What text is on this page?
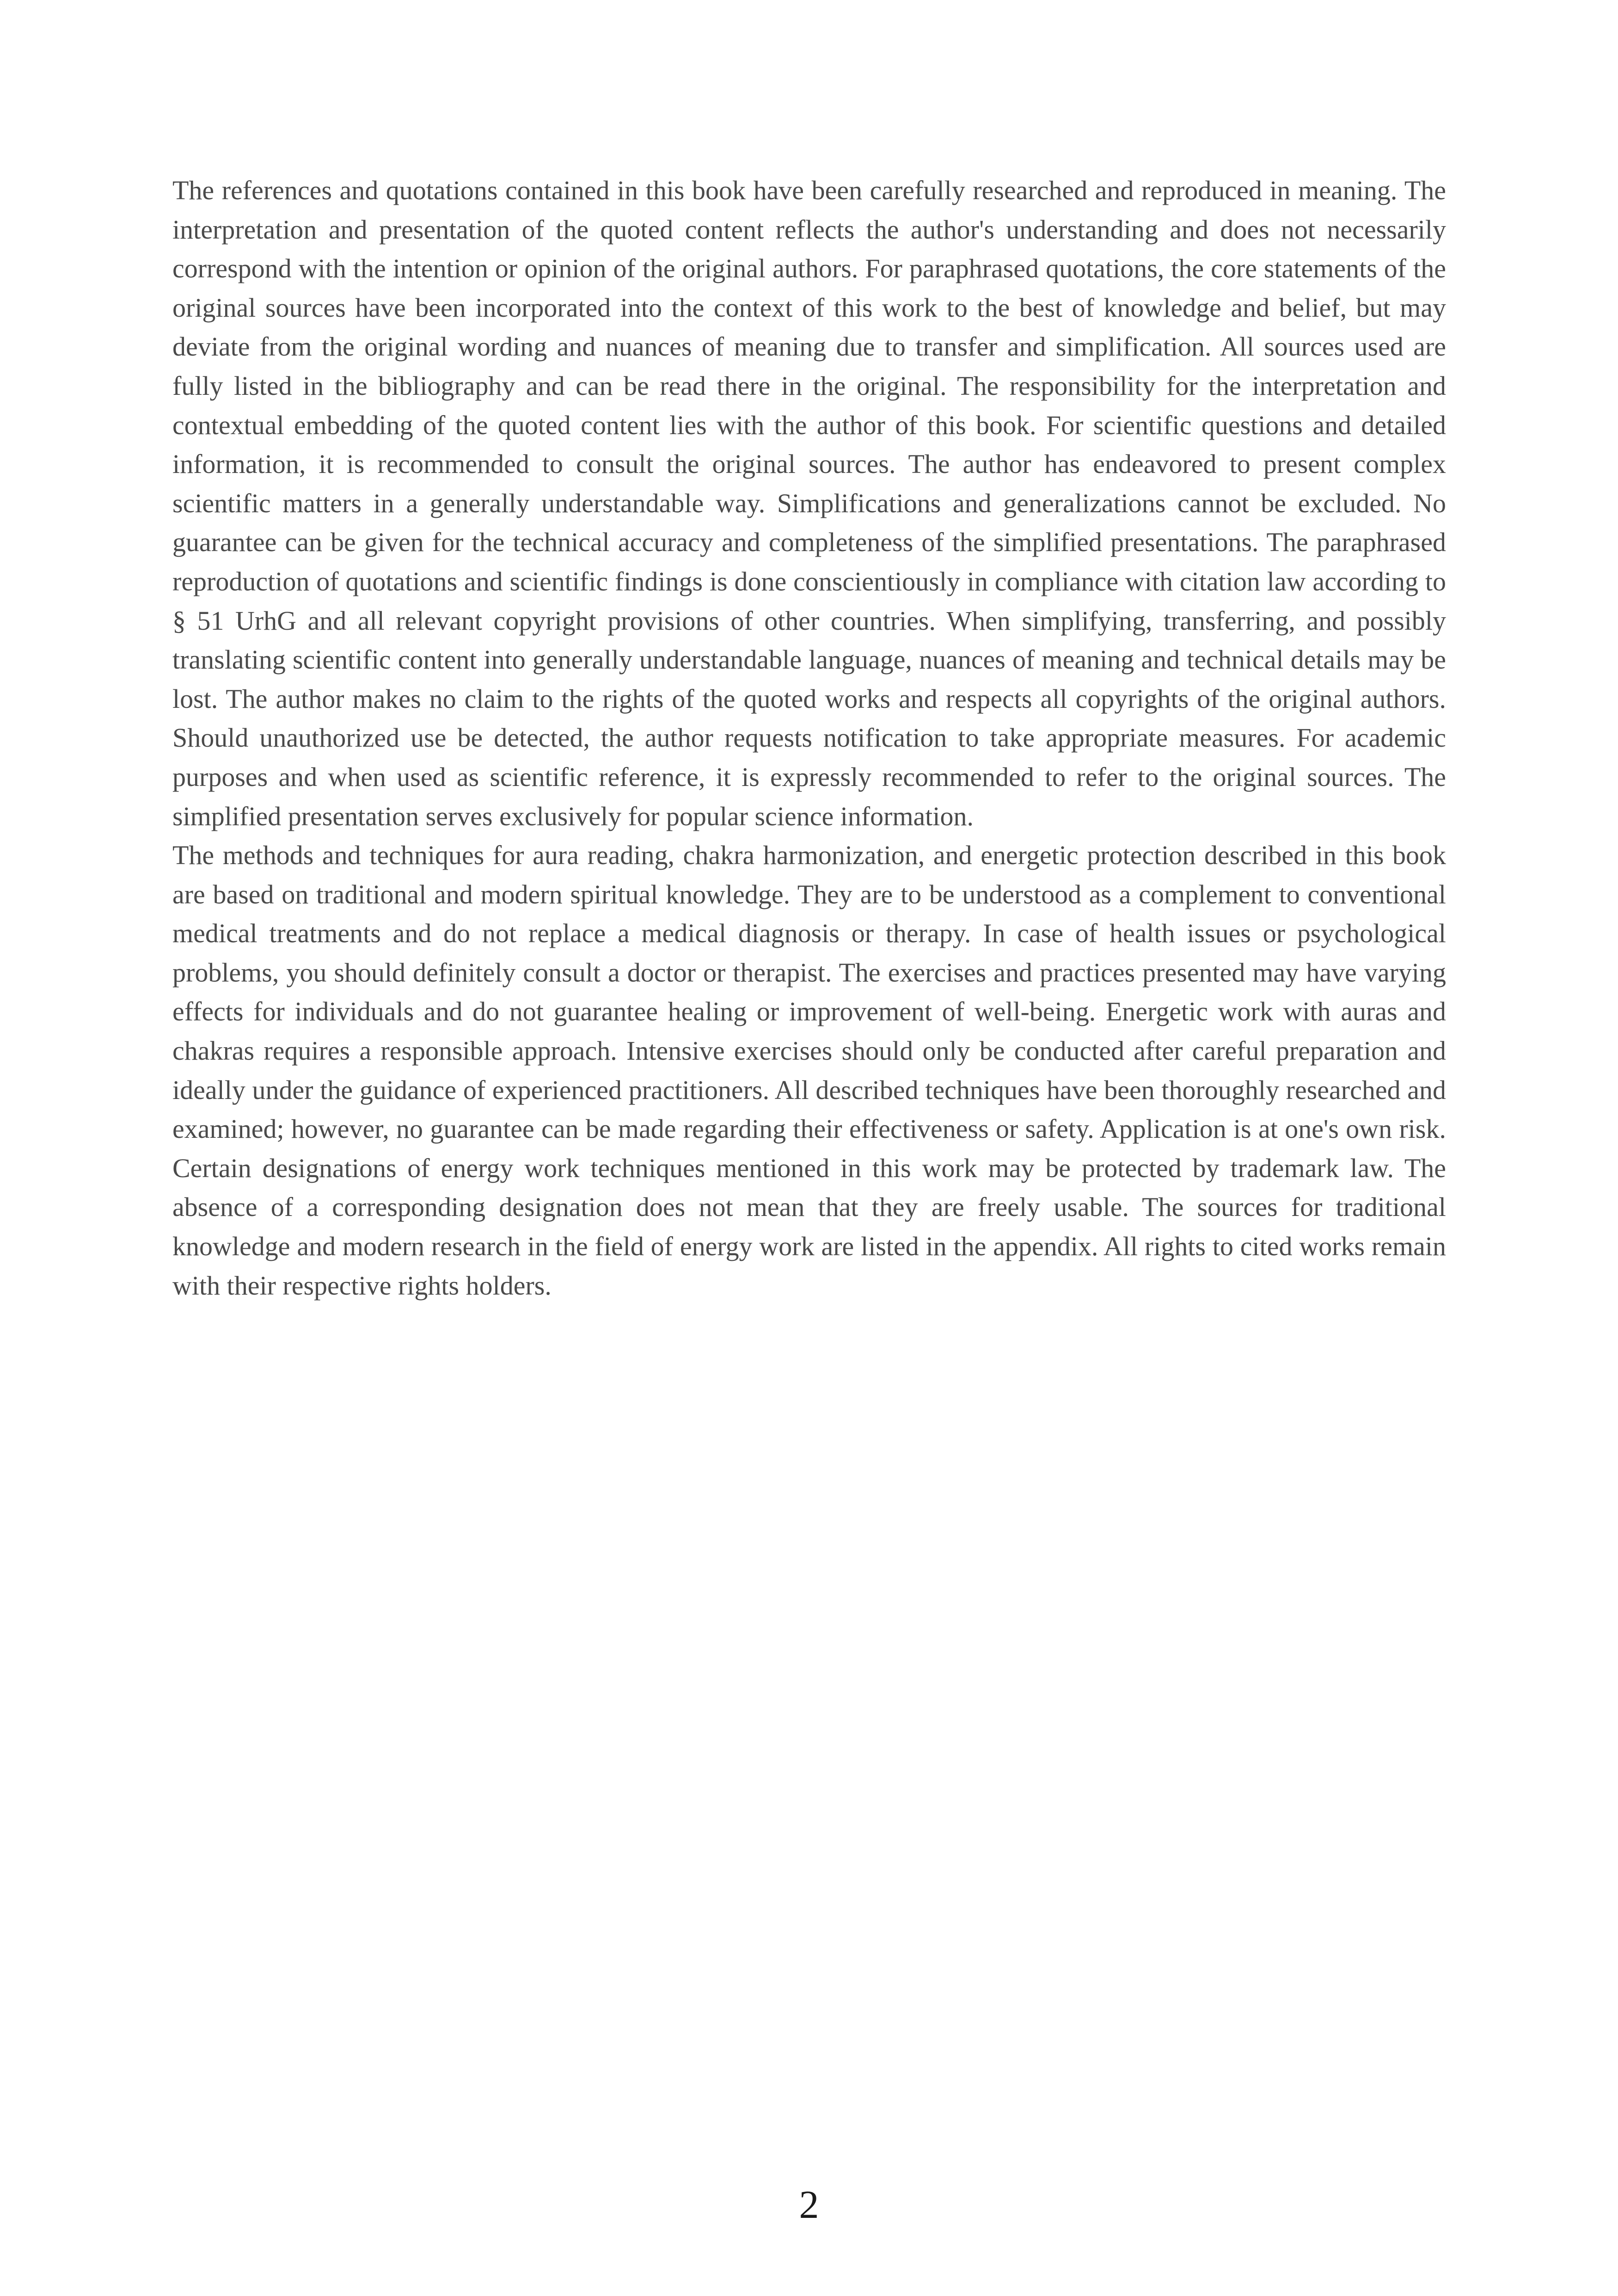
The references and quotations contained in this book have been carefully researched and reproduced in meaning. The interpretation and presentation of the quoted content reflects the author's understanding and does not necessarily correspond with the intention or opinion of the original authors. For paraphrased quotations, the core statements of the original sources have been incorporated into the context of this work to the best of knowledge and belief, but may deviate from the original wording and nuances of meaning due to transfer and simplification. All sources used are fully listed in the bibliography and can be read there in the original. The responsibility for the interpretation and contextual embedding of the quoted content lies with the author of this book. For scientific questions and detailed information, it is recommended to consult the original sources. The author has endeavored to present complex scientific matters in a generally understandable way. Simplifications and generalizations cannot be excluded. No guarantee can be given for the technical accuracy and completeness of the simplified presentations. The paraphrased reproduction of quotations and scientific findings is done conscientiously in compliance with citation law according to § 51 UrhG and all relevant copyright provisions of other countries. When simplifying, transferring, and possibly translating scientific content into generally understandable language, nuances of meaning and technical details may be lost. The author makes no claim to the rights of the quoted works and respects all copyrights of the original authors. Should unauthorized use be detected, the author requests notification to take appropriate measures. For academic purposes and when used as scientific reference, it is expressly recommended to refer to the original sources. The simplified presentation serves exclusively for popular science information.

The methods and techniques for aura reading, chakra harmonization, and energetic protection described in this book are based on traditional and modern spiritual knowledge. They are to be understood as a complement to conventional medical treatments and do not replace a medical diagnosis or therapy. In case of health issues or psychological problems, you should definitely consult a doctor or therapist. The exercises and practices presented may have varying effects for individuals and do not guarantee healing or improvement of well-being. Energetic work with auras and chakras requires a responsible approach. Intensive exercises should only be conducted after careful preparation and ideally under the guidance of experienced practitioners. All described techniques have been thoroughly researched and examined; however, no guarantee can be made regarding their effectiveness or safety. Application is at one's own risk. Certain designations of energy work techniques mentioned in this work may be protected by trademark law. The absence of a corresponding designation does not mean that they are freely usable. The sources for traditional knowledge and modern research in the field of energy work are listed in the appendix. All rights to cited works remain with their respective rights holders.

2
